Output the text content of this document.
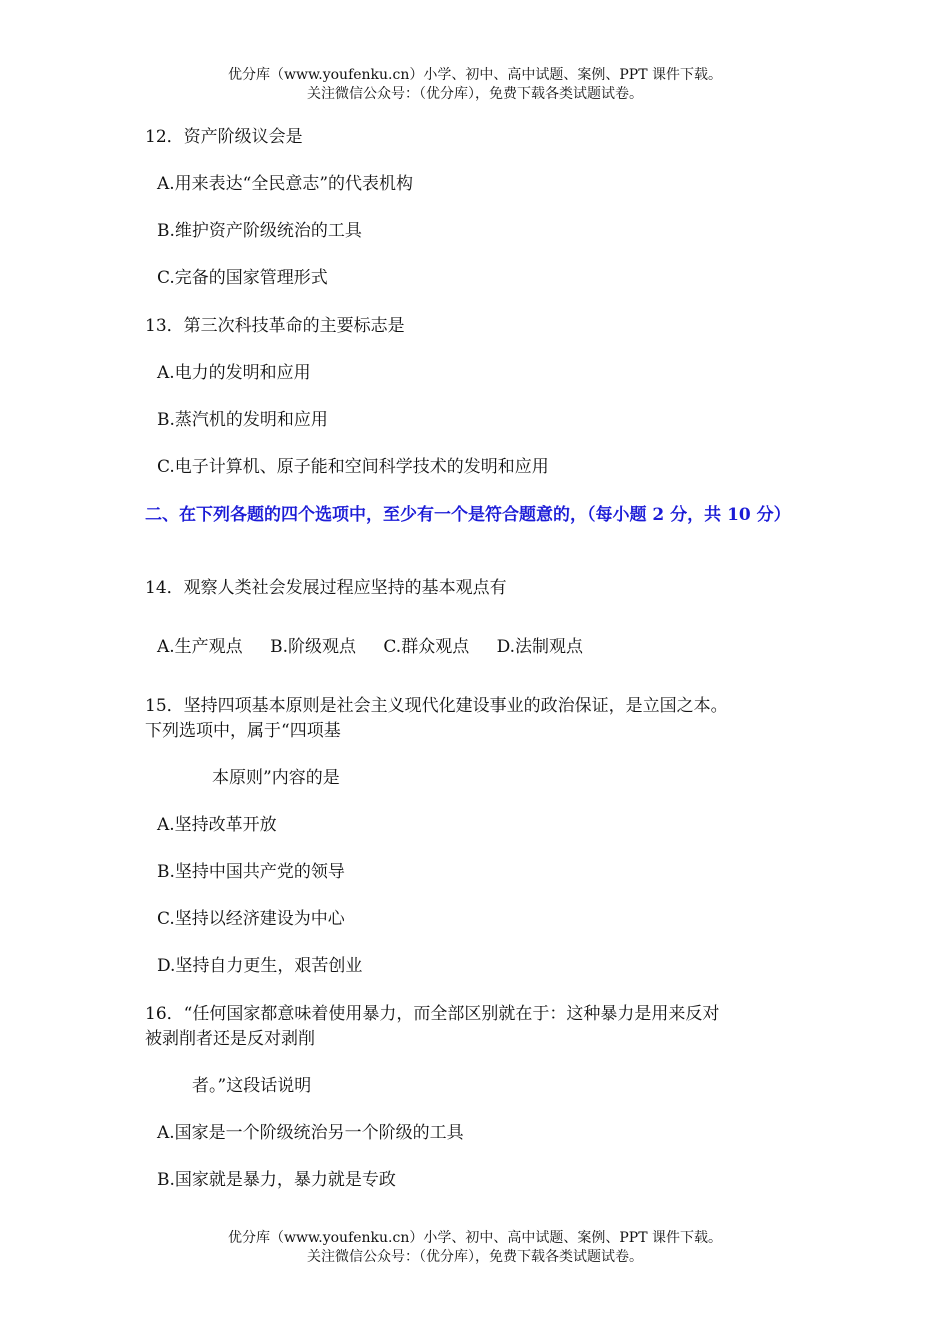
优分库（www.youfenku.cn）小学、初中、高中试题、案例、PPT 课件下载。
关注微信公众号：（优分库），免费下载各类试题试卷。
12．资产阶级议会是
A.用来表达“全民意志”的代表机构
B.维护资产阶级统治的工具
C.完备的国家管理形式
13．第三次科技革命的主要标志是
A.电力的发明和应用
B.蒸汽机的发明和应用
C.电子计算机、原子能和空间科学技术的发明和应用
二、在下列各题的四个选项中，至少有一个是符合题意的，（每小题 2 分，共 10 分）
14．观察人类社会发展过程应坚持的基本观点有
A.生产观点 B.阶级观点 C.群众观点 D.法制观点
15．坚持四项基本原则是社会主义现代化建设事业的政治保证，是立国之本。
下列选项中，属于“四项基
本原则”内容的是
A.坚持改革开放
B.坚持中国共产党的领导
C.坚持以经济建设为中心
D.坚持自力更生，艰苦创业
16．“任何国家都意味着使用暴力，而全部区别就在于：这种暴力是用来反对
被剥削者还是反对剥削
者。”这段话说明
A.国家是一个阶级统治另一个阶级的工具
B.国家就是暴力，暴力就是专政
优分库（www.youfenku.cn）小学、初中、高中试题、案例、PPT 课件下载。
关注微信公众号：（优分库），免费下载各类试题试卷。
